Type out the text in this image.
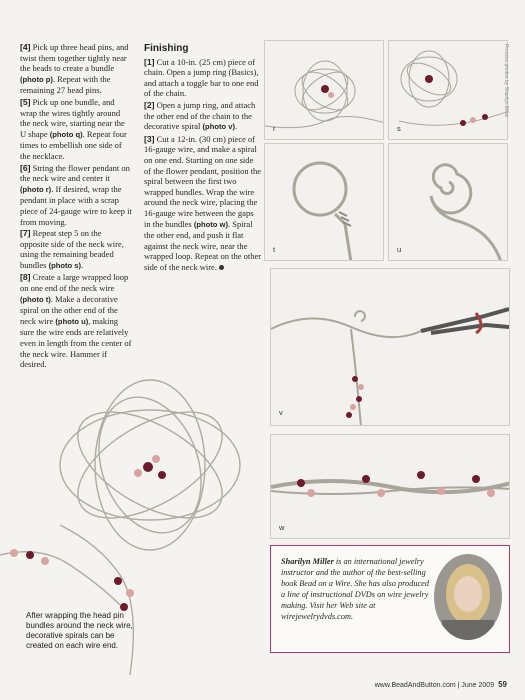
[4] Pick up three head pins, and twist them together tightly near the beads to create a bundle (photo p). Repeat with the remaining 27 head pins.

[5] Pick up one bundle, and wrap the wires tightly around the neck wire, starting near the U shape (photo q). Repeat four times to embellish one side of the necklace.

[6] String the flower pendant on the neck wire and center it (photo r). If desired, wrap the pendant in place with a scrap piece of 24-gauge wire to keep it from moving.

[7] Repeat step 5 on the opposite side of the neck wire, using the remaining beaded bundles (photo s).

[8] Create a large wrapped loop on one end of the neck wire (photo t). Make a decorative spiral on the other end of the neck wire (photo u), making sure the wire ends are relatively even in length from the center of the neck wire. Hammer if desired.

Finishing

[1] Cut a 10-in. (25 cm) piece of chain. Open a jump ring (Basics), and attach a toggle bar to one end of the chain.

[2] Open a jump ring, and attach the other end of the chain to the decorative spiral (photo v).

[3] Cut a 12-in. (30 cm) piece of 16-gauge wire, and make a spiral on one end. Starting on one side of the flower pendant, position the spiral between the first two wrapped bundles. Wrap the wire around the neck wire, placing the 16-gauge wire between the gaps in the bundles (photo w). Spiral the other end, and push it flat against the neck wire, near the wrapped loop. Repeat on the other side of the neck wire.

r	s
Process photos by Sharilyn Miller
t	u
v
w
After wrapping the head pin bundles around the neck wire, decorative spirals can be created on each wire end.
Sharilyn Miller is an international jewelry instructor and the author of the best-selling book Bead on a Wire. She has also produced a line of instructional DVDs on wire jewelry making. Visit her Web site at wirejewelrydvds.com.
www.BeadAndButton.com | June 2009 59
